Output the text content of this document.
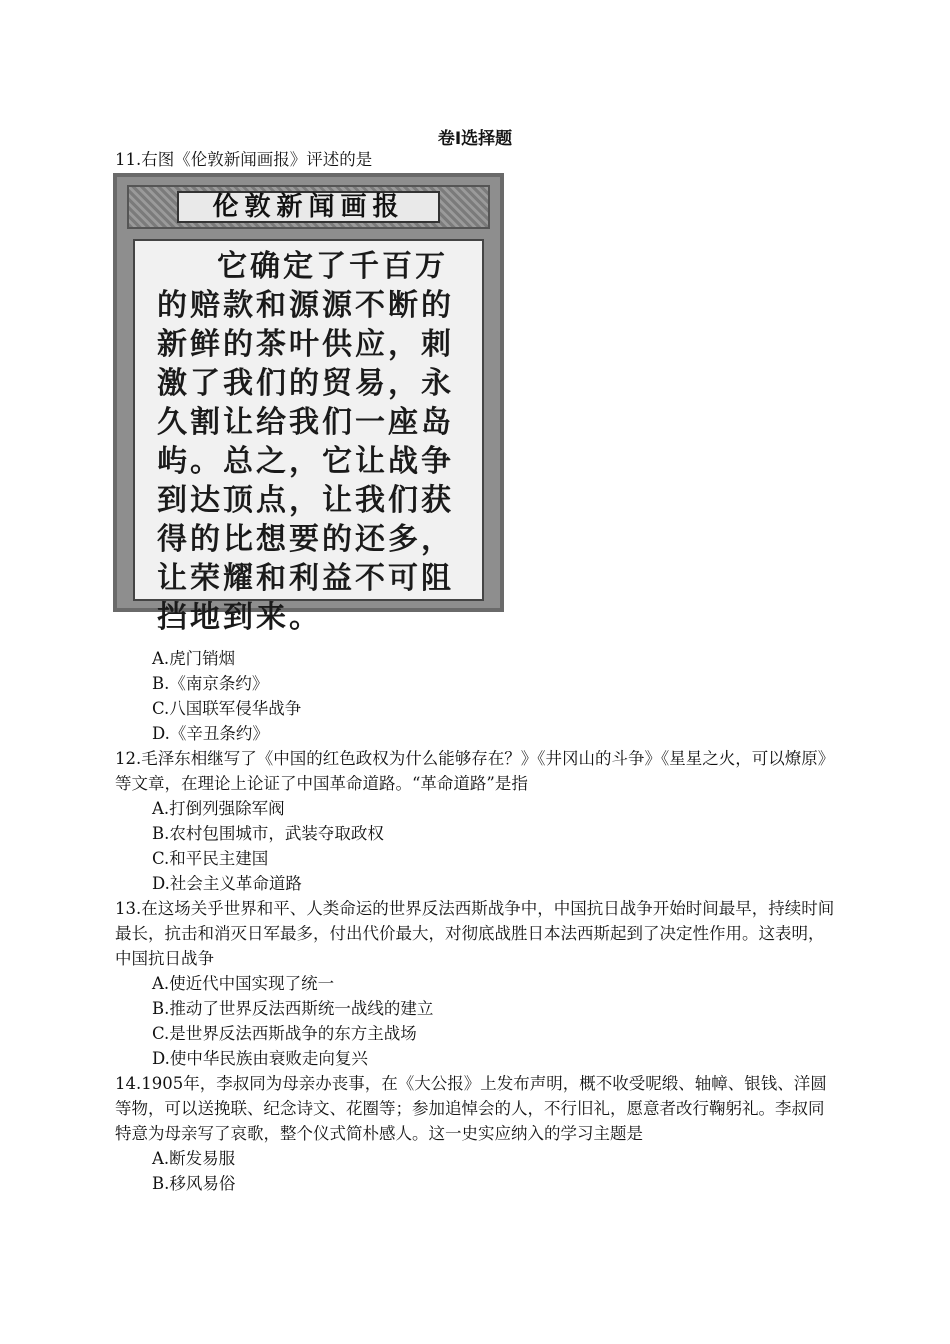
卷Ⅰ选择题

11.右图《伦敦新闻画报》评述的是

伦敦新闻画报
它确定了千百万的赔款和源源不断的新鲜的茶叶供应，刺激了我们的贸易，永久割让给我们一座岛屿。总之，它让战争到达顶点，让我们获得的比想要的还多，让荣耀和利益不可阻挡地到来。

A.虎门销烟

B.《南京条约》

C.八国联军侵华战争

D.《辛丑条约》

12.毛泽东相继写了《中国的红色政权为什么能够存在？》《井冈山的斗争》《星星之火，可以燎原》等文章，在理论上论证了中国革命道路。“革命道路”是指

A.打倒列强除军阀

B.农村包围城市，武装夺取政权

C.和平民主建国

D.社会主义革命道路

13.在这场关乎世界和平、人类命运的世界反法西斯战争中，中国抗日战争开始时间最早，持续时间最长，抗击和消灭日军最多，付出代价最大，对彻底战胜日本法西斯起到了决定性作用。这表明，中国抗日战争

A.使近代中国实现了统一

B.推动了世界反法西斯统一战线的建立

C.是世界反法西斯战争的东方主战场

D.使中华民族由衰败走向复兴

14.1905年，李叔同为母亲办丧事，在《大公报》上发布声明，概不收受呢缎、轴幛、银钱、洋圆等物，可以送挽联、纪念诗文、花圈等；参加追悼会的人，不行旧礼，愿意者改行鞠躬礼。李叔同特意为母亲写了哀歌，整个仪式简朴感人。这一史实应纳入的学习主题是

A.断发易服

B.移风易俗
